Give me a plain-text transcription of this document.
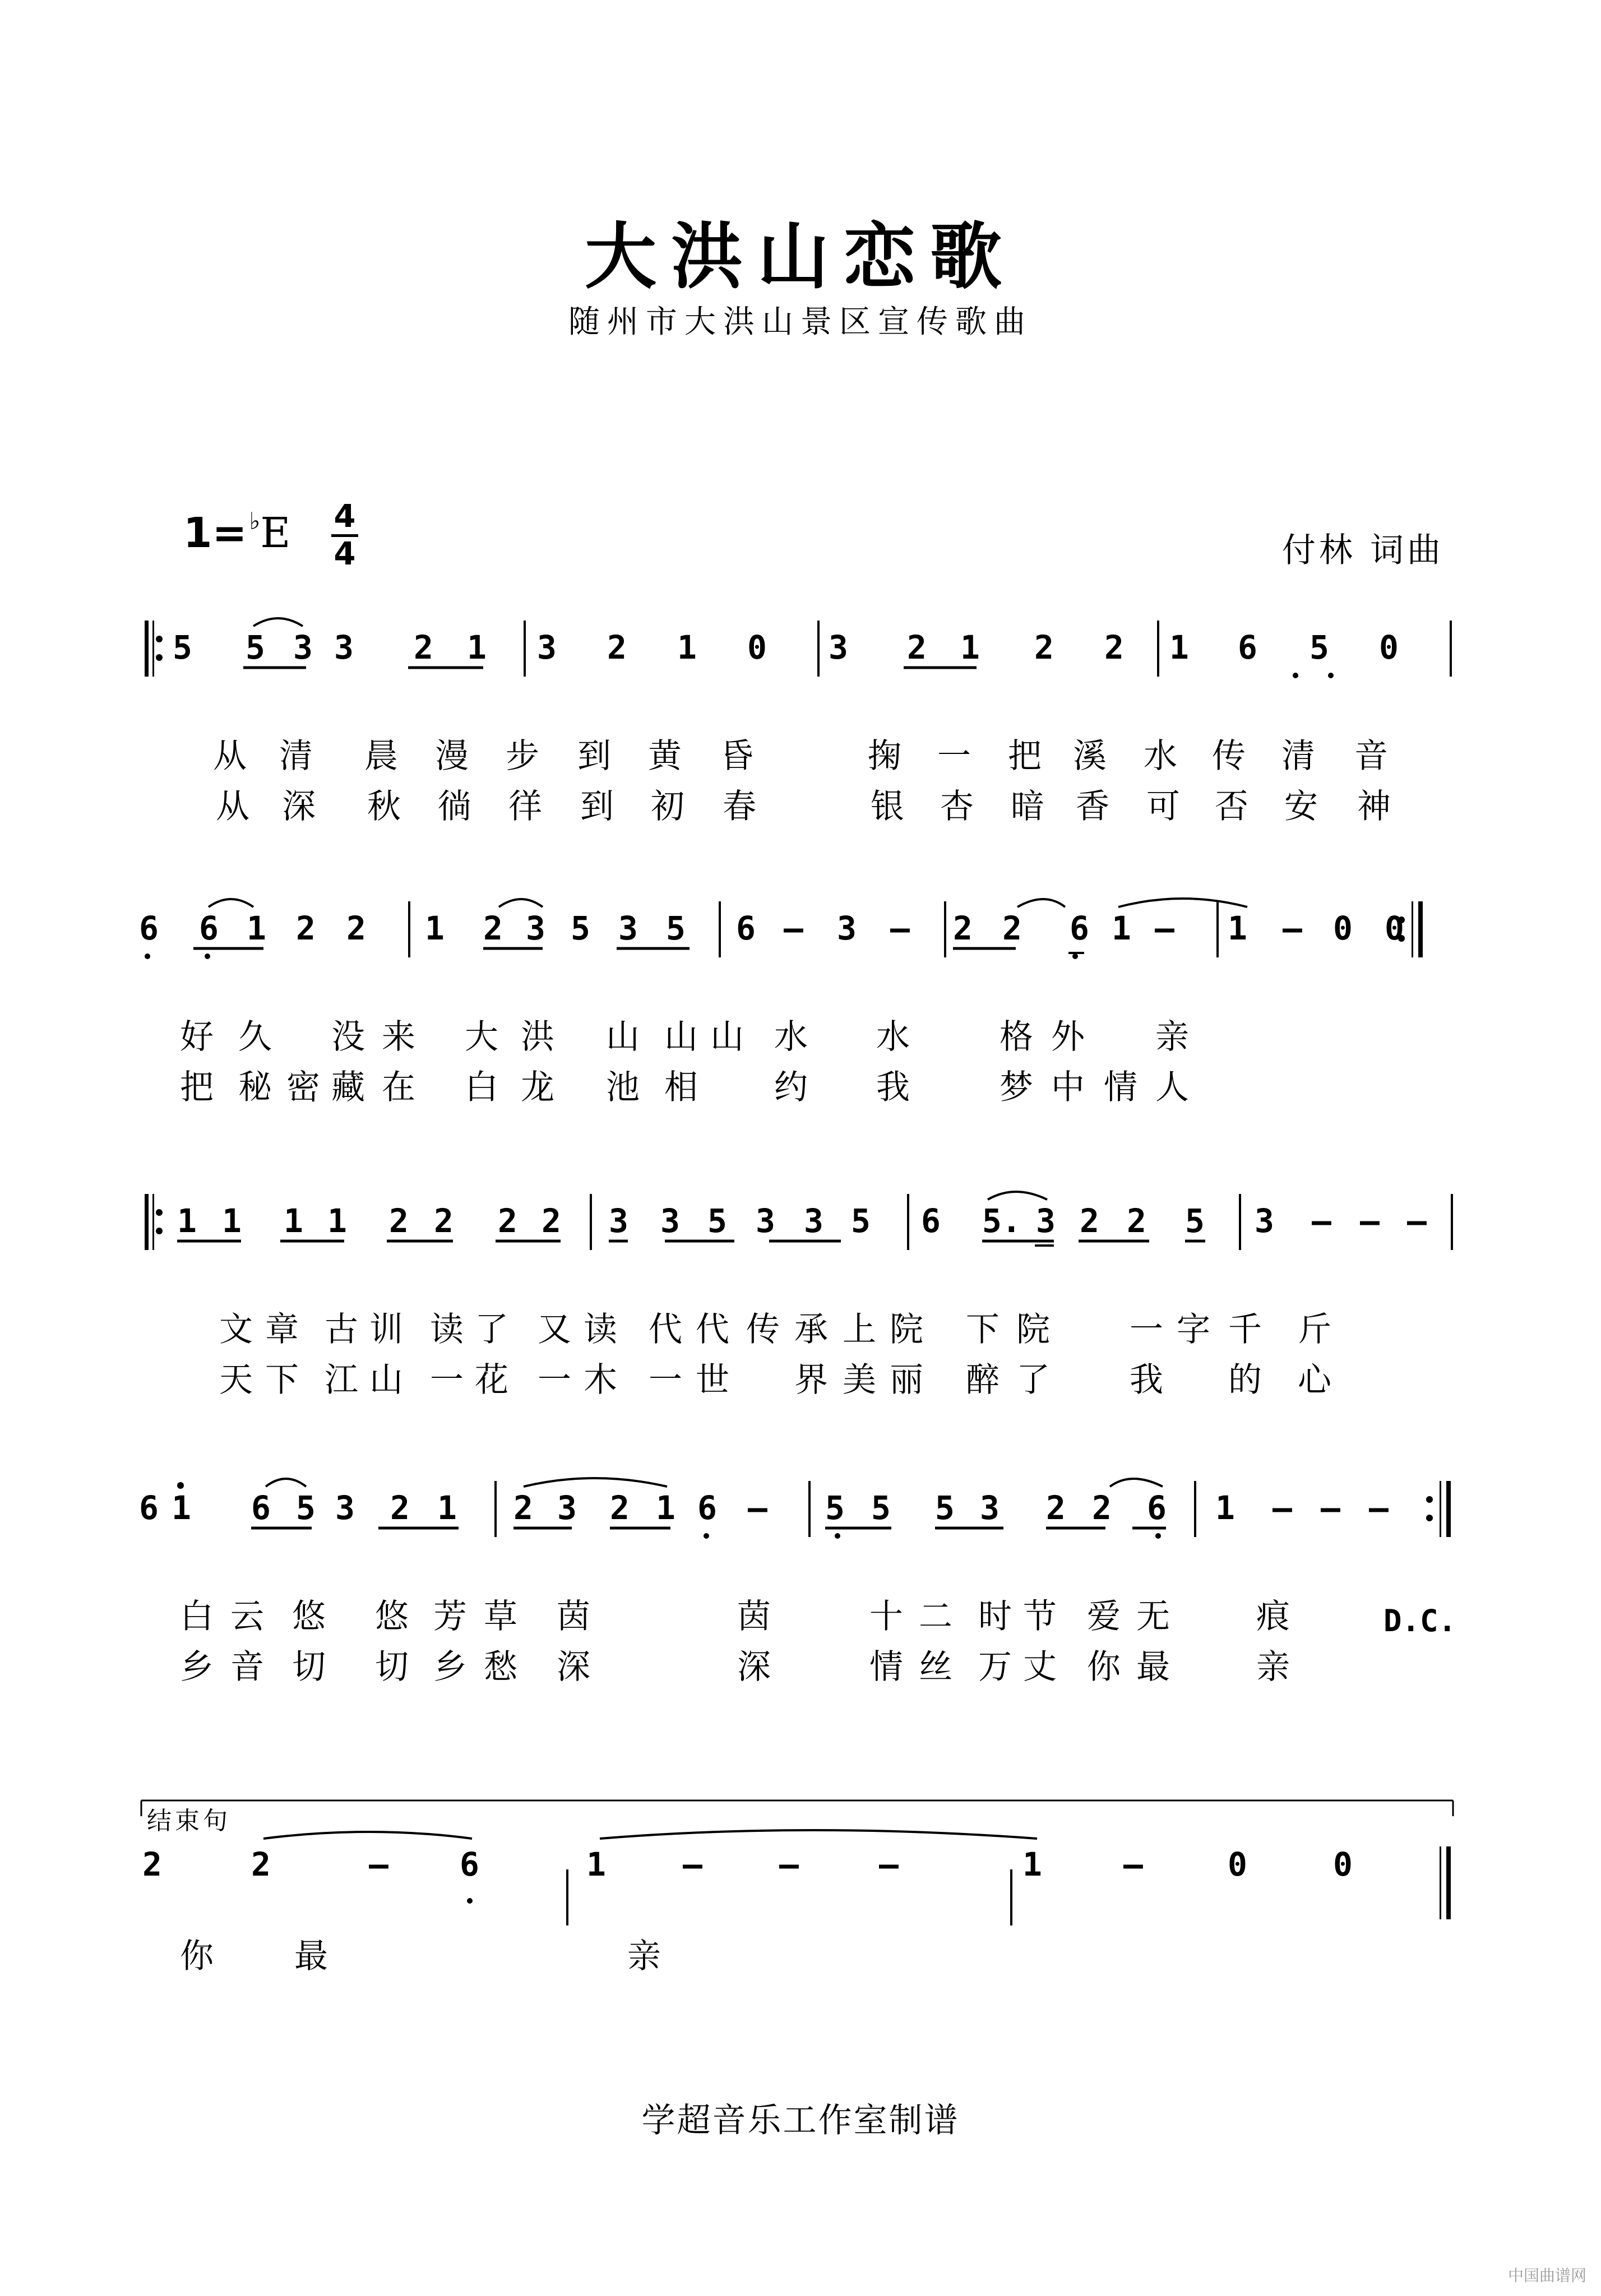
大洪山恋歌
随州市大洪山景区宣传歌曲
1=♭E 4
4	付林 词曲
5 5 3 3 2 1 3 2 1 0 3 2 1 2 2 1 6 5 0

从 清 晨 漫 步 到 黄 昏	掬 一 把 溪 水 传 清 音

从 深 秋 徜 徉 到 初 春	银 杏 暗 香 可 否 安 神

6 6 1 2 2 1 2 3 5 3 5 6 – 3 – 2 2 6 1 – 1 – 0 0

好 久 没 来 大 洪 山 山 山 水 水	格 外 亲

把 秘 密 藏 在 白 龙 池 相 约 我	梦 中 情 人

1 1 1 1 2 2 2 2 3 3 5 3 3 5 6 5. 3 2 2 5 3 – – –

文 章 古 训 读 了 又 读 代 代 传 承 上 院 下 院 一 字 千 斤

天 下 江 山 一 花 一 木 一 世 界 美 丽 醉 了 我 的 心

6 1 6 5 3 2 1 2 3 2 1 6 – 5 5 5 3 2 2 6 1 – – –

白 云 悠 悠 芳 草 茵	茵	十 二 时 节 爱 无	痕

乡 音 切 切 乡 愁 深	深	情 丝 万 丈 你 最	亲

D.C.
结束句
2	2	– 6	1 – – –	1	–	0	0

你 最	亲

学超音乐工作室制谱
中国曲谱网
